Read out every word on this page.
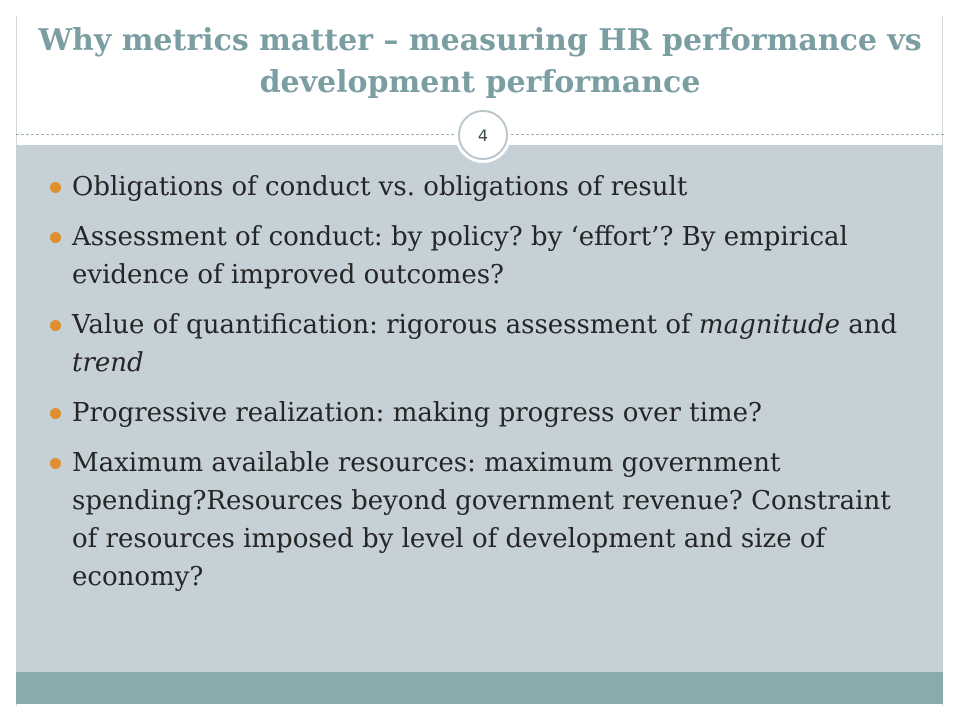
Why metrics matter – measuring HR performance vs development performance
4
Obligations of conduct vs. obligations of result
Assessment of conduct: by policy? by ‘effort’? By empirical evidence of improved outcomes?
Value of quantification: rigorous assessment of magnitude and trend
Progressive realization: making progress over time?
Maximum available resources: maximum government spending?Resources beyond government revenue? Constraint of resources imposed by level of development and size of economy?
